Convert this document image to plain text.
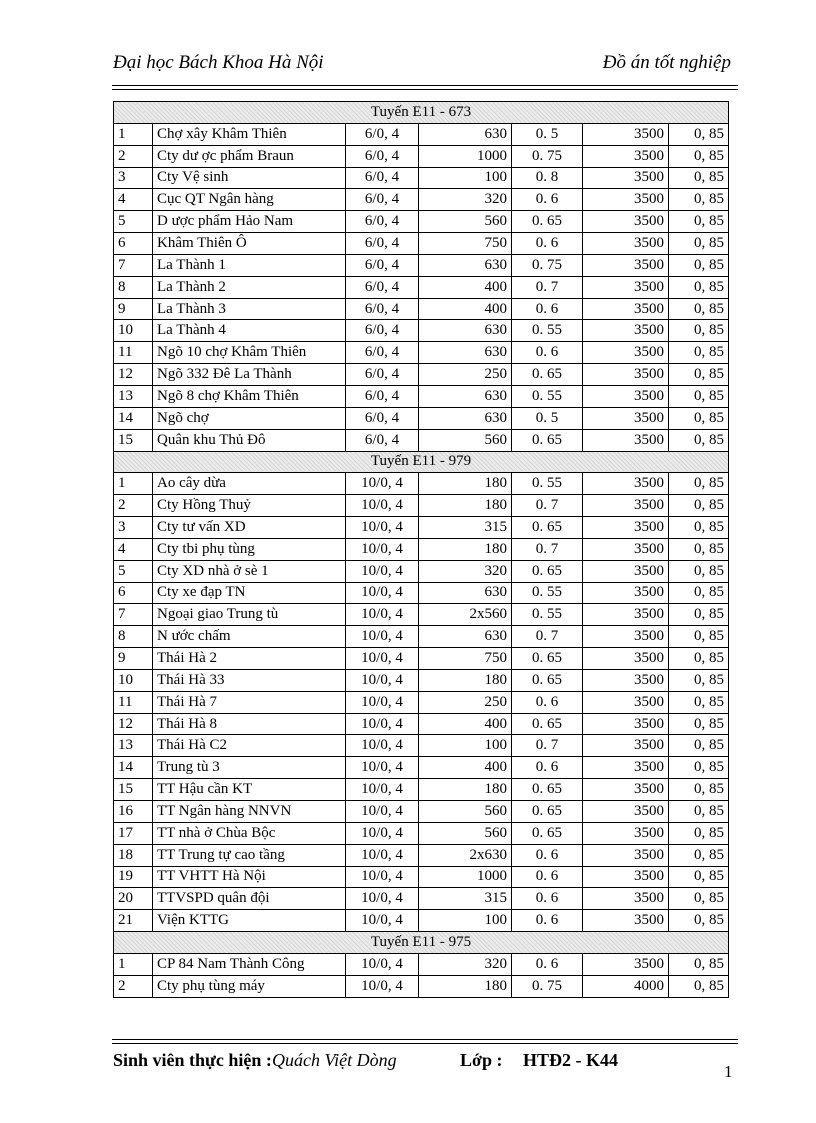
Đại học Bách Khoa Hà Nội	Đồ án tốt nghiệp
Tuyến E11 - 673						
1	Chợ xây Khâm Thiên	6/0, 4	630	0. 5	3500	0, 85
2	Cty dư ợc phẩm Braun	6/0, 4	1000	0. 75	3500	0, 85
3	Cty Vệ sinh	6/0, 4	100	0. 8	3500	0, 85
4	Cục QT Ngân hàng	6/0, 4	320	0. 6	3500	0, 85
5	D ược phẩm Hảo Nam	6/0, 4	560	0. 65	3500	0, 85
6	Khâm Thiên Ô	6/0, 4	750	0. 6	3500	0, 85
7	La Thành 1	6/0, 4	630	0. 75	3500	0, 85
8	La Thành 2	6/0, 4	400	0. 7	3500	0, 85
9	La Thành 3	6/0, 4	400	0. 6	3500	0, 85
10	La Thành 4	6/0, 4	630	0. 55	3500	0, 85
11	Ngõ 10 chợ Khâm Thiên	6/0, 4	630	0. 6	3500	0, 85
12	Ngõ 332 Đê La Thành	6/0, 4	250	0. 65	3500	0, 85
13	Ngõ 8 chợ Khâm Thiên	6/0, 4	630	0. 55	3500	0, 85
14	Ngõ chợ	6/0, 4	630	0. 5	3500	0, 85
15	Quân khu Thủ Đô	6/0, 4	560	0. 65	3500	0, 85
Tuyến E11 - 979						
1	Ao cây dừa	10/0, 4	180	0. 55	3500	0, 85
2	Cty Hồng Thuỷ	10/0, 4	180	0. 7	3500	0, 85
3	Cty tư vấn XD	10/0, 4	315	0. 65	3500	0, 85
4	Cty tbi phụ tùng	10/0, 4	180	0. 7	3500	0, 85
5	Cty XD nhà ở sè 1	10/0, 4	320	0. 65	3500	0, 85
6	Cty xe đạp TN	10/0, 4	630	0. 55	3500	0, 85
7	Ngoại giao Trung tù	10/0, 4	2x560	0. 55	3500	0, 85
8	N ước chấm	10/0, 4	630	0. 7	3500	0, 85
9	Thái Hà 2	10/0, 4	750	0. 65	3500	0, 85
10	Thái Hà 33	10/0, 4	180	0. 65	3500	0, 85
11	Thái Hà 7	10/0, 4	250	0. 6	3500	0, 85
12	Thái Hà 8	10/0, 4	400	0. 65	3500	0, 85
13	Thái Hà C2	10/0, 4	100	0. 7	3500	0, 85
14	Trung tù 3	10/0, 4	400	0. 6	3500	0, 85
15	TT Hậu cần KT	10/0, 4	180	0. 65	3500	0, 85
16	TT Ngân hàng NNVN	10/0, 4	560	0. 65	3500	0, 85
17	TT nhà ở Chùa Bộc	10/0, 4	560	0. 65	3500	0, 85
18	TT Trung tự cao tầng	10/0, 4	2x630	0. 6	3500	0, 85
19	TT VHTT Hà Nội	10/0, 4	1000	0. 6	3500	0, 85
20	TTVSPD quân đội	10/0, 4	315	0. 6	3500	0, 85
21	Viện KTTG	10/0, 4	100	0. 6	3500	0, 85
Tuyến E11 - 975						
1	CP 84 Nam Thành Công	10/0, 4	320	0. 6	3500	0, 85
2	Cty phụ tùng máy	10/0, 4	180	0. 75	4000	0, 85
Sinh viên thực hiện : Quách Việt Dòng	Lớp : HTĐ2 - K44
1
